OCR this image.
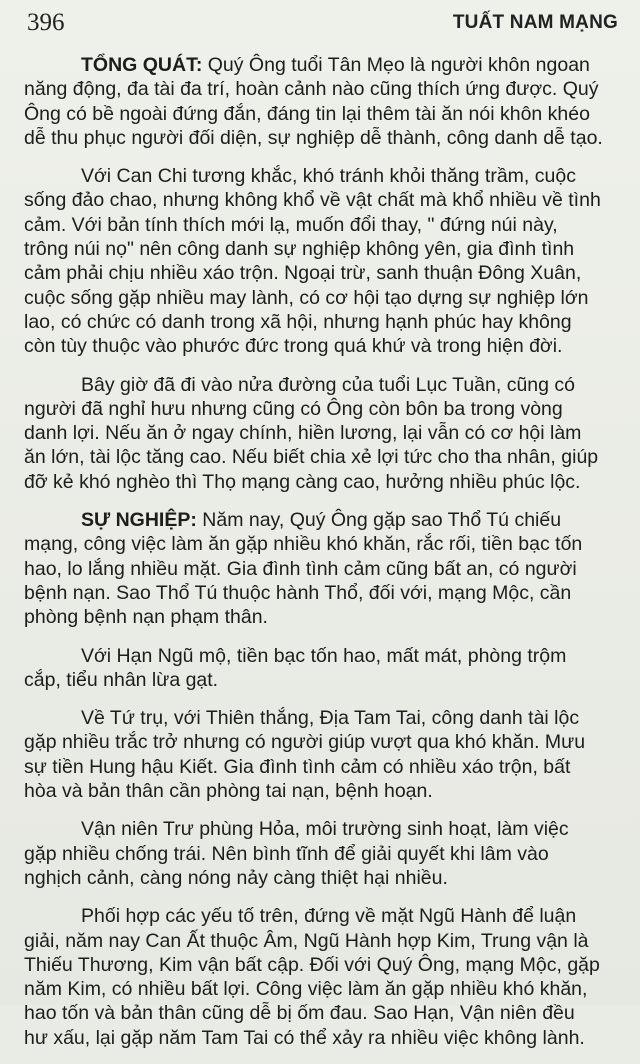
396	TUẤT NAM MẠNG

TỔNG QUÁT: Quý Ông tuổi Tân Mẹo là người khôn ngoan
năng động, đa tài đa trí, hoàn cảnh nào cũng thích ứng được. Quý
Ông có bề ngoài đứng đắn, đáng tin lại thêm tài ăn nói khôn khéo
dễ thu phục người đối diện, sự nghiệp dễ thành, công danh dễ tạo.

Với Can Chi tương khắc, khó tránh khỏi thăng trầm, cuộc
sống đảo chao, nhưng không khổ về vật chất mà khổ nhiều về tình
cảm. Với bản tính thích mới lạ, muốn đổi thay, " đứng núi này,
trông núi nọ" nên công danh sự nghiệp không yên, gia đình tình
cảm phải chịu nhiều xáo trộn. Ngoại trừ, sanh thuận Đông Xuân,
cuộc sống gặp nhiều may lành, có cơ hội tạo dựng sự nghiệp lớn
lao, có chức có danh trong xã hội, nhưng hạnh phúc hay không
còn tùy thuộc vào phước đức trong quá khứ và trong hiện đời.

Bây giờ đã đi vào nửa đường của tuổi Lục Tuần, cũng có
người đã nghỉ hưu nhưng cũng có Ông còn bôn ba trong vòng
danh lợi. Nếu ăn ở ngay chính, hiền lương, lại vẫn có cơ hội làm
ăn lớn, tài lộc tăng cao. Nếu biết chia xẻ lợi tức cho tha nhân, giúp
đỡ kẻ khó nghèo thì Thọ mạng càng cao, hưởng nhiều phúc lộc.

SỰ NGHIỆP: Năm nay, Quý Ông gặp sao Thổ Tú chiếu
mạng, công việc làm ăn gặp nhiều khó khăn, rắc rối, tiền bạc tốn
hao, lo lắng nhiều mặt. Gia đình tình cảm cũng bất an, có người
bệnh nạn. Sao Thổ Tú thuộc hành Thổ, đối với, mạng Mộc, cần
phòng bệnh nạn phạm thân.

Với Hạn Ngũ mộ, tiền bạc tốn hao, mất mát, phòng trộm
cắp, tiểu nhân lừa gạt.

Về Tứ trụ, với Thiên thắng, Địa Tam Tai, công danh tài lộc
gặp nhiều trắc trở nhưng có người giúp vượt qua khó khăn. Mưu
sự tiền Hung hậu Kiết. Gia đình tình cảm có nhiều xáo trộn, bất
hòa và bản thân cần phòng tai nạn, bệnh hoạn.

Vận niên Trư phùng Hỏa, môi trường sinh hoạt, làm việc
gặp nhiều chống trái. Nên bình tĩnh để giải quyết khi lâm vào
nghịch cảnh, càng nóng nảy càng thiệt hại nhiều.

Phối hợp các yếu tố trên, đứng về mặt Ngũ Hành để luận
giải, năm nay Can Ất thuộc Âm, Ngũ Hành hợp Kim, Trung vận là
Thiếu Thương, Kim vận bất cập. Đối với Quý Ông, mạng Mộc, gặp
năm Kim, có nhiều bất lợi. Công việc làm ăn gặp nhiều khó khăn,
hao tốn và bản thân cũng dễ bị ốm đau. Sao Hạn, Vận niên đều
hư xấu, lại gặp năm Tam Tai có thể xảy ra nhiều việc không lành.
